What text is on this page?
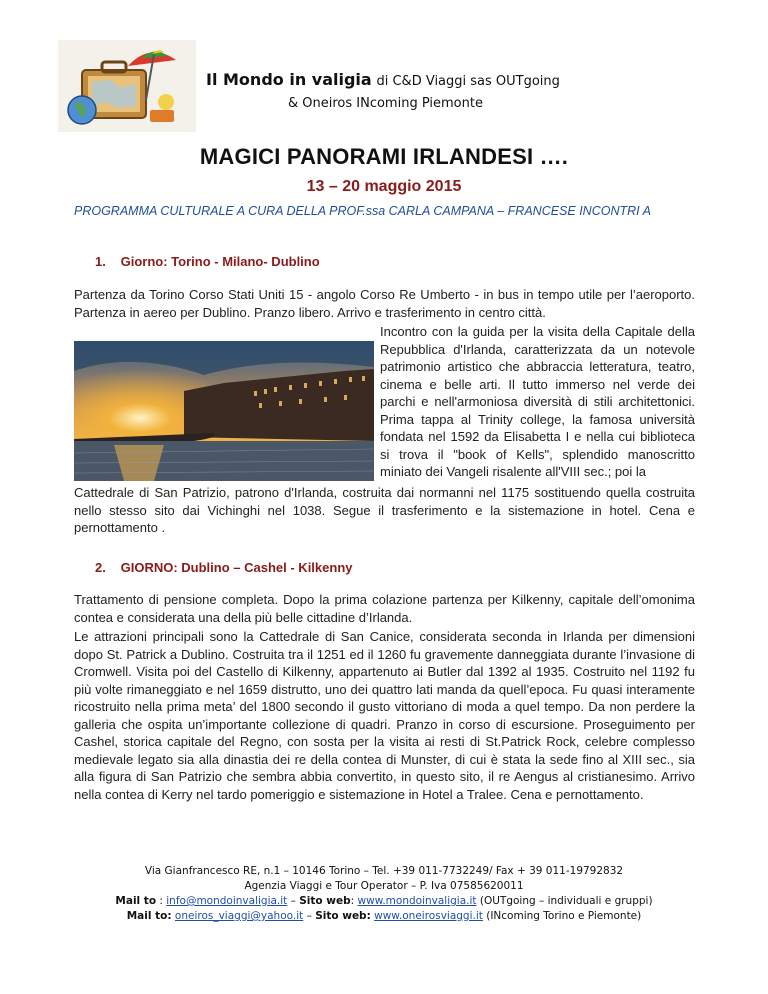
Il Mondo in valigia di C&D Viaggi sas OUTgoing
& Oneiros INcoming Piemonte
MAGICI PANORAMI IRLANDESI ….
13 – 20 maggio 2015
PROGRAMMA CULTURALE A CURA DELLA PROF.ssa CARLA CAMPANA – FRANCESE INCONTRI A
1. Giorno: Torino - Milano- Dublino
Partenza da Torino Corso Stati Uniti 15 - angolo Corso Re Umberto - in bus in tempo utile per l’aeroporto. Partenza in aereo per Dublino. Pranzo libero. Arrivo e trasferimento in centro città.
Incontro con la guida per la visita della Capitale della Repubblica d'Irlanda, caratterizzata da un notevole patrimonio artistico che abbraccia letteratura, teatro, cinema e belle arti. Il tutto immerso nel verde dei parchi e nell'armoniosa diversità di stili architettonici. Prima tappa al Trinity college, la famosa università fondata nel 1592 da Elisabetta I e nella cui biblioteca si trova il "book of Kells", splendido manoscritto miniato dei Vangeli risalente all'VIII sec.; poi la
Cattedrale di San Patrizio, patrono d'Irlanda, costruita dai normanni nel 1175 sostituendo quella costruita nello stesso sito dai Vichinghi nel 1038. Segue il trasferimento e la sistemazione in hotel. Cena e pernottamento .
2. GIORNO: Dublino – Cashel - Kilkenny
Trattamento di pensione completa. Dopo la prima colazione partenza per Kilkenny, capitale dell’omonima contea e considerata una della più belle cittadine d’Irlanda.
Le attrazioni principali sono la Cattedrale di San Canice, considerata seconda in Irlanda per dimensioni dopo St. Patrick a Dublino. Costruita tra il 1251 ed il 1260 fu gravemente danneggiata durante l’invasione di Cromwell. Visita poi del Castello di Kilkenny, appartenuto ai Butler dal 1392 al 1935. Costruito nel 1192 fu più volte rimaneggiato e nel 1659 distrutto, uno dei quattro lati manda da quell’epoca. Fu quasi interamente ricostruito nella prima meta’ del 1800 secondo il gusto vittoriano di moda a quel tempo. Da non perdere la galleria che ospita un’importante collezione di quadri. Pranzo in corso di escursione. Proseguimento per Cashel, storica capitale del Regno, con sosta per la visita ai resti di St.Patrick Rock, celebre complesso medievale legato sia alla dinastia dei re della contea di Munster, di cui è stata la sede fino al XIII sec., sia alla figura di San Patrizio che sembra abbia convertito, in questo sito, il re Aengus al cristianesimo. Arrivo nella contea di Kerry nel tardo pomeriggio e sistemazione in Hotel a Tralee. Cena e pernottamento.
Via Gianfrancesco RE, n.1 – 10146 Torino – Tel. +39 011-7732249/ Fax + 39 011-19792832
Agenzia Viaggi e Tour Operator – P. Iva 07585620011
Mail to : info@mondoinvaligia.it – Sito web: www.mondoinvaligia.it (OUTgoing – individuali e gruppi)
Mail to: oneiros_viaggi@yahoo.it – Sito web: www.oneirosviaggi.it (INcoming Torino e Piemonte)
